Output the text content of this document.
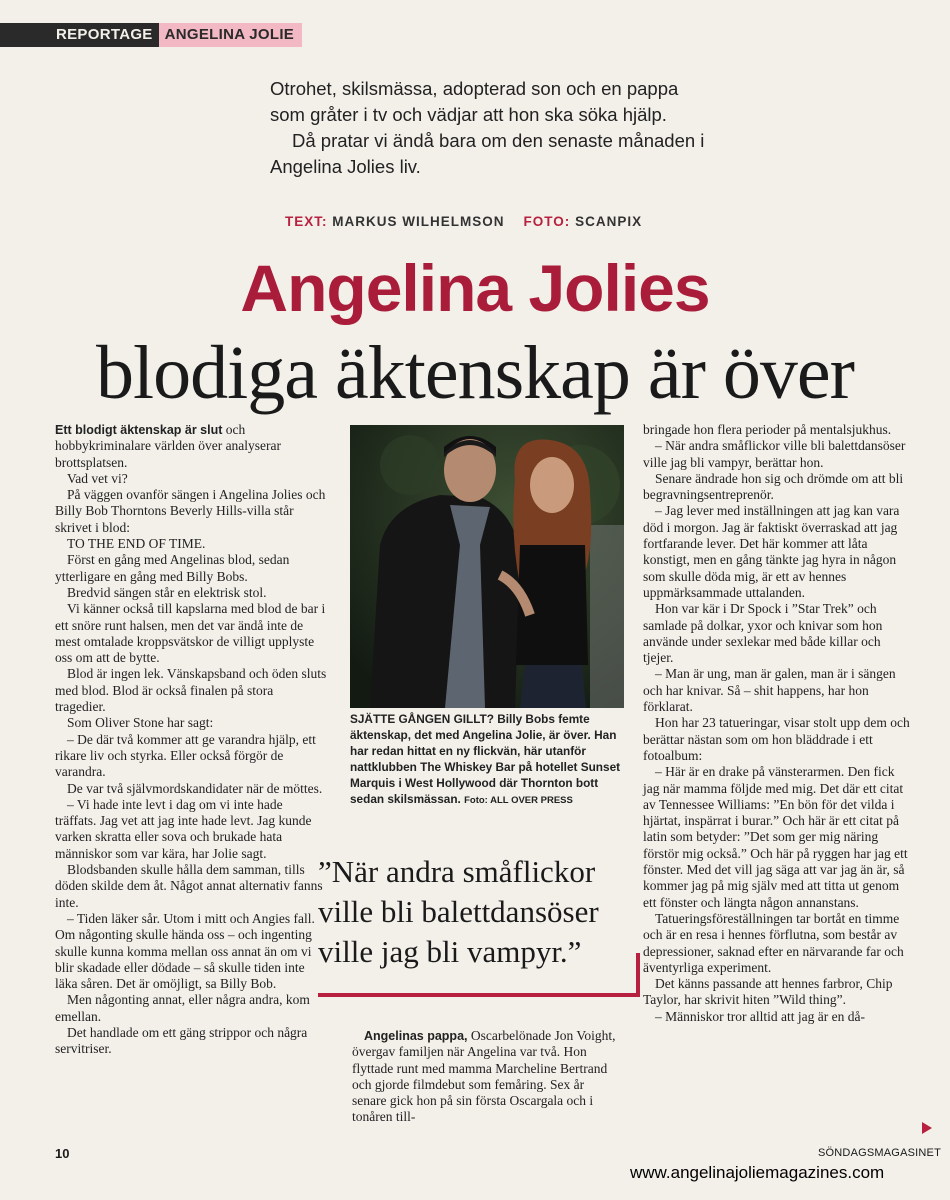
REPORTAGE ANGELINA JOLIE

Otrohet, skilsmässa, adopterad son och en pappa som gråter i tv och vädjar att hon ska söka hjälp.

Då pratar vi ändå bara om den senaste månaden i Angelina Jolies liv.

TEXT: MARKUS WILHELMSON FOTO: SCANPIX
Angelina Jolies
blodiga äktenskap är över

Ett blodigt äktenskap är slut och hobbykriminalare världen över analyserar brottsplatsen.

Vad vet vi?

På väggen ovanför sängen i Angelina Jolies och Billy Bob Thorntons Beverly Hills-villa står skrivet i blod:

TO THE END OF TIME.

Först en gång med Angelinas blod, sedan ytterligare en gång med Billy Bobs.

Bredvid sängen står en elektrisk stol.

Vi känner också till kapslarna med blod de bar i ett snöre runt halsen, men det var ändå inte de mest omtalade kroppsvätskor de villigt upplyste oss om att de bytte.

Blod är ingen lek. Vänskapsband och öden sluts med blod. Blod är också finalen på stora tragedier.

Som Oliver Stone har sagt:

– De där två kommer att ge varandra hjälp, ett rikare liv och styrka. Eller också förgör de varandra.

De var två självmordskandidater när de möttes.

– Vi hade inte levt i dag om vi inte hade träffats. Jag vet att jag inte hade levt. Jag kunde varken skratta eller sova och brukade hata människor som var kära, har Jolie sagt.

Blodsbanden skulle hålla dem samman, tills döden skilde dem åt. Något annat alternativ fanns inte.

– Tiden läker sår. Utom i mitt och Angies fall. Om någonting skulle hända oss – och ingenting skulle kunna komma mellan oss annat än om vi blir skadade eller dödade – så skulle tiden inte läka såren. Det är omöjligt, sa Billy Bob.

Men någonting annat, eller några andra, kom emellan.

Det handlade om ett gäng strippor och några servitriser.

SJÄTTE GÅNGEN GILLT? Billy Bobs femte äktenskap, det med Angelina Jolie, är över. Han har redan hittat en ny flickvän, här utanför nattklubben The Whiskey Bar på hotellet Sunset Marquis i West Hollywood där Thornton bott sedan skilsmässan. Foto: ALL OVER PRESS
”När andra småflickor ville bli balettdansöser ville jag bli vampyr.”

Angelinas pappa, Oscarbelönade Jon Voight, övergav familjen när Angelina var två. Hon flyttade runt med mamma Marcheline Bertrand och gjorde filmdebut som femåring. Sex år senare gick hon på sin första Oscargala och i tonåren till-

bringade hon flera perioder på mentalsjukhus.

– När andra småflickor ville bli balettdansöser ville jag bli vampyr, berättar hon.

Senare ändrade hon sig och drömde om att bli begravningsentreprenör.

– Jag lever med inställningen att jag kan vara död i morgon. Jag är faktiskt överraskad att jag fortfarande lever. Det här kommer att låta konstigt, men en gång tänkte jag hyra in någon som skulle döda mig, är ett av hennes uppmärksammade uttalanden.

Hon var kär i Dr Spock i ”Star Trek” och samlade på dolkar, yxor och knivar som hon använde under sexlekar med både killar och tjejer.

– Man är ung, man är galen, man är i sängen och har knivar. Så – shit happens, har hon förklarat.

Hon har 23 tatueringar, visar stolt upp dem och berättar nästan som om hon bläddrade i ett fotoalbum:

– Här är en drake på vänsterarmen. Den fick jag när mamma följde med mig. Det där ett citat av Tennessee Williams: ”En bön för det vilda i hjärtat, inspärrat i burar.” Och här är ett citat på latin som betyder: ”Det som ger mig näring förstör mig också.” Och här på ryggen har jag ett fönster. Med det vill jag säga att var jag än är, så kommer jag på mig själv med att titta ut genom ett fönster och längta någon annanstans.

Tatueringsföreställningen tar bortåt en timme och är en resa i hennes förflutna, som består av depressioner, saknad efter en närvarande far och äventyrliga experiment.

Det känns passande att hennes farbror, Chip Taylor, har skrivit hiten ”Wild thing”.

– Människor tror alltid att jag är en då-

10	SÖNDAGSMAGASINET
www.angelinajoliemagazines.com
